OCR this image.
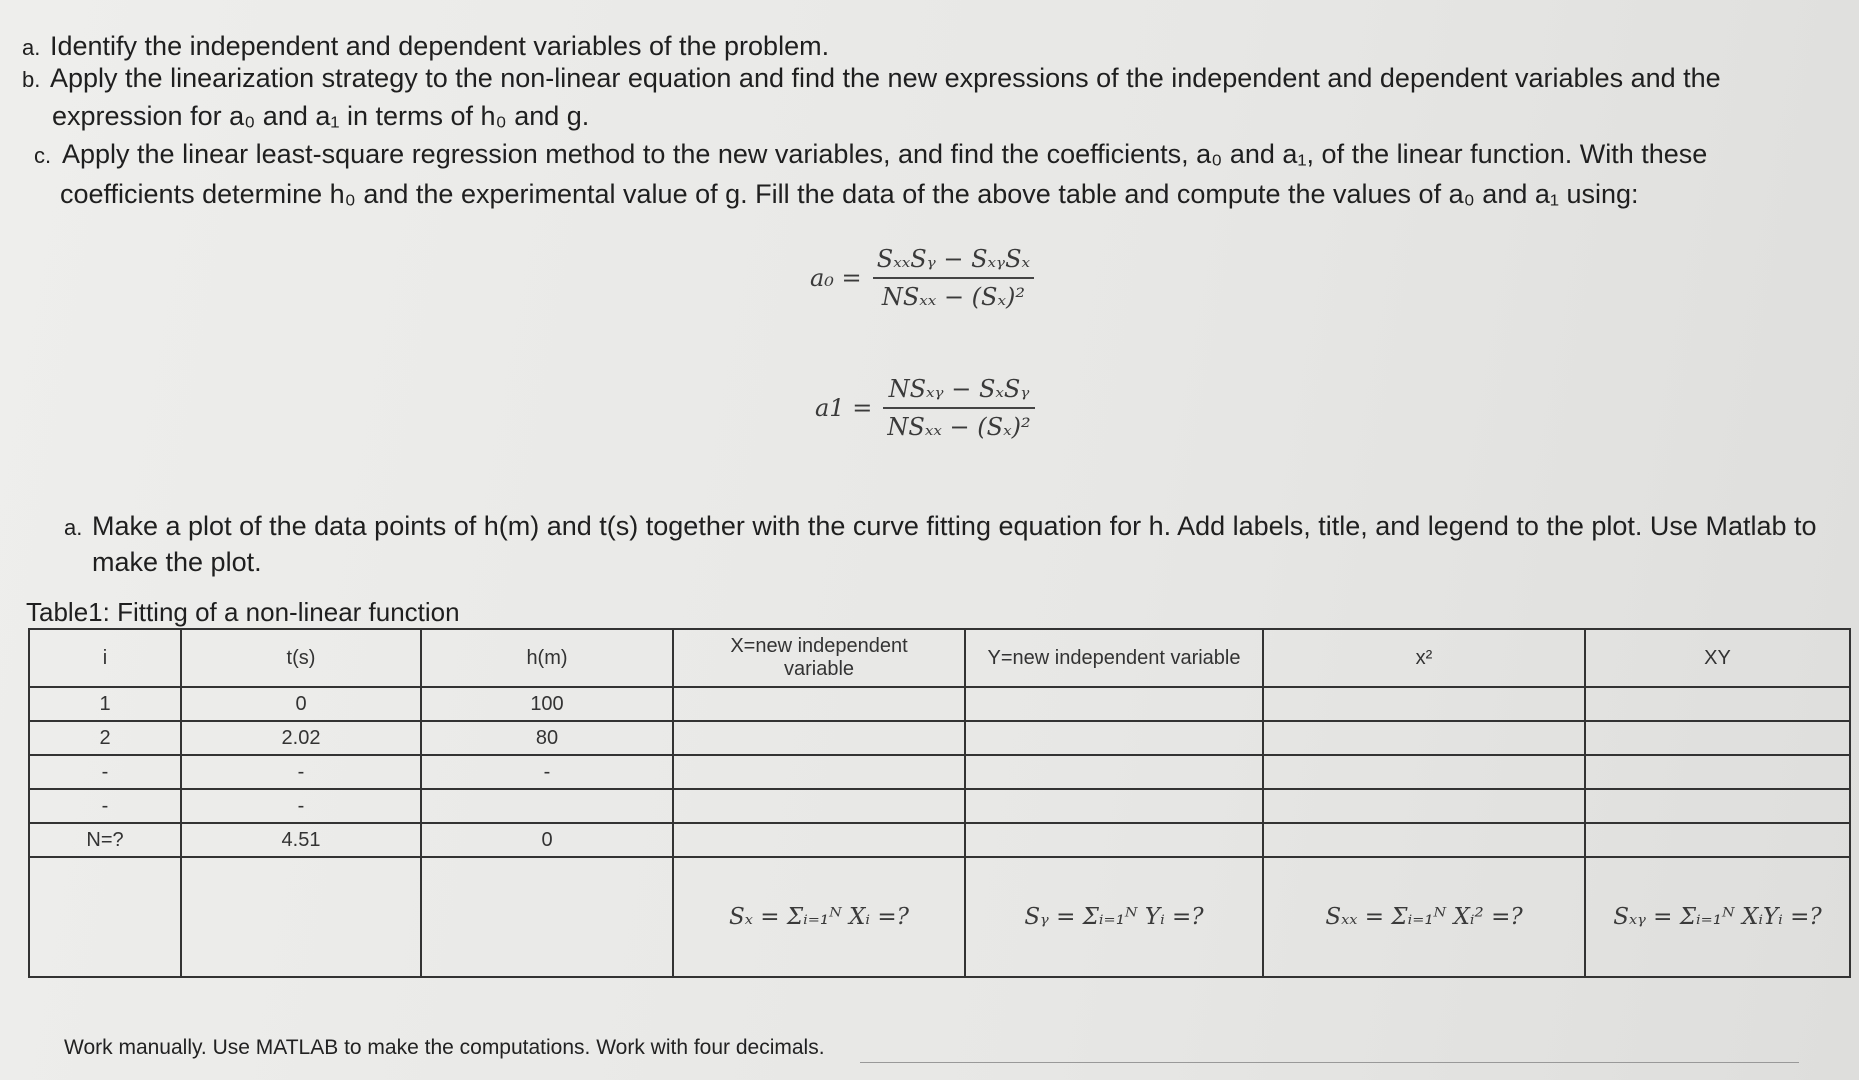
a. Identify the independent and dependent variables of the problem.
b. Apply the linearization strategy to the non-linear equation and find the new expressions of the independent and dependent variables and the
expression for a₀ and a₁ in terms of h₀ and g.
c. Apply the linear least-square regression method to the new variables, and find the coefficients, a₀ and a₁, of the linear function. With these
coefficients determine h₀ and the experimental value of g. Fill the data of the above table and compute the values of a₀ and a₁ using:
$a_0 = \frac{\text{SₓₓSᵧ − SₓᵧSₓ}}{\text{NSₓₓ − (Sₓ)²}}$
$a1 = \frac{\text{NSₓᵧ − SₓSᵧ}}{\text{NSₓₓ − (Sₓ)²}}$
a. Make a plot of the data points of h(m) and t(s) together with the curve fitting equation for h. Add labels, title, and legend to the plot. Use Matlab to
make the plot.
Table1: Fitting of a non-linear function
i	t(s)	h(m)	X=new independent variable	Y=new independent variable	x²	XY
1	0	100				
2	2.02	80				
-	-	-				
-	-					
N=?	4.51	0				
			Sₓ = Σᵢ₌₁ᴺ Xᵢ =?	Sᵧ = Σᵢ₌₁ᴺ Yᵢ =?	Sₓₓ = Σᵢ₌₁ᴺ Xᵢ² =?	Sₓᵧ = Σᵢ₌₁ᴺ XᵢYᵢ =?
Work manually. Use MATLAB to make the computations. Work with four decimals.
